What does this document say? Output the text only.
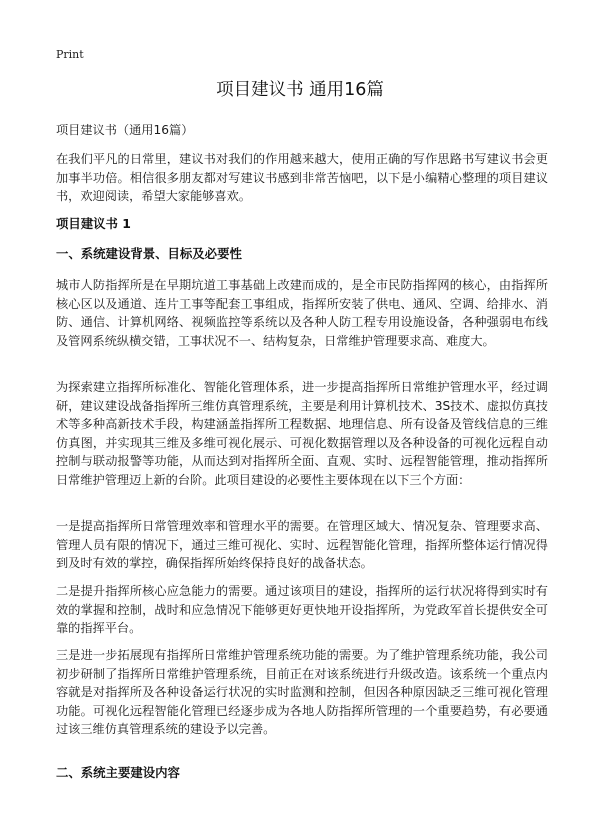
Print
项目建议书 通用16篇

项目建议书（通用16篇）

在我们平凡的日常里，建议书对我们的作用越来越大，使用正确的写作思路书写建议书会更加事半功倍。相信很多朋友都对写建议书感到非常苦恼吧，以下是小编精心整理的项目建议书，欢迎阅读，希望大家能够喜欢。

项目建议书 1
一、系统建设背景、目标及必要性

城市人防指挥所是在早期坑道工事基础上改建而成的，是全市民防指挥网的核心，由指挥所核心区以及通道、连片工事等配套工事组成，指挥所安装了供电、通风、空调、给排水、消防、通信、计算机网络、视频监控等系统以及各种人防工程专用设施设备，各种强弱电布线及管网系统纵横交错，工事状况不一、结构复杂，日常维护管理要求高、难度大。

为探索建立指挥所标准化、智能化管理体系，进一步提高指挥所日常维护管理水平，经过调研，建议建设战备指挥所三维仿真管理系统，主要是利用计算机技术、3S技术、虚拟仿真技术等多种高新技术手段，构建涵盖指挥所工程数据、地理信息、所有设备及管线信息的三维仿真图，并实现其三维及多维可视化展示、可视化数据管理以及各种设备的可视化远程自动控制与联动报警等功能，从而达到对指挥所全面、直观、实时、远程智能管理，推动指挥所日常维护管理迈上新的台阶。此项目建设的必要性主要体现在以下三个方面：

一是提高指挥所日常管理效率和管理水平的需要。在管理区域大、情况复杂、管理要求高、管理人员有限的情况下，通过三维可视化、实时、远程智能化管理，指挥所整体运行情况得到及时有效的掌控，确保指挥所始终保持良好的战备状态。

二是提升指挥所核心应急能力的需要。通过该项目的建设，指挥所的运行状况将得到实时有效的掌握和控制，战时和应急情况下能够更好更快地开设指挥所，为党政军首长提供安全可靠的指挥平台。

三是进一步拓展现有指挥所日常维护管理系统功能的需要。为了维护管理系统功能，我公司初步研制了指挥所日常维护管理系统，目前正在对该系统进行升级改造。该系统一个重点内容就是对指挥所及各种设备运行状况的实时监测和控制，但因各种原因缺乏三维可视化管理功能。可视化远程智能化管理已经逐步成为各地人防指挥所管理的一个重要趋势，有必要通过该三维仿真管理系统的建设予以完善。

二、系统主要建设内容
